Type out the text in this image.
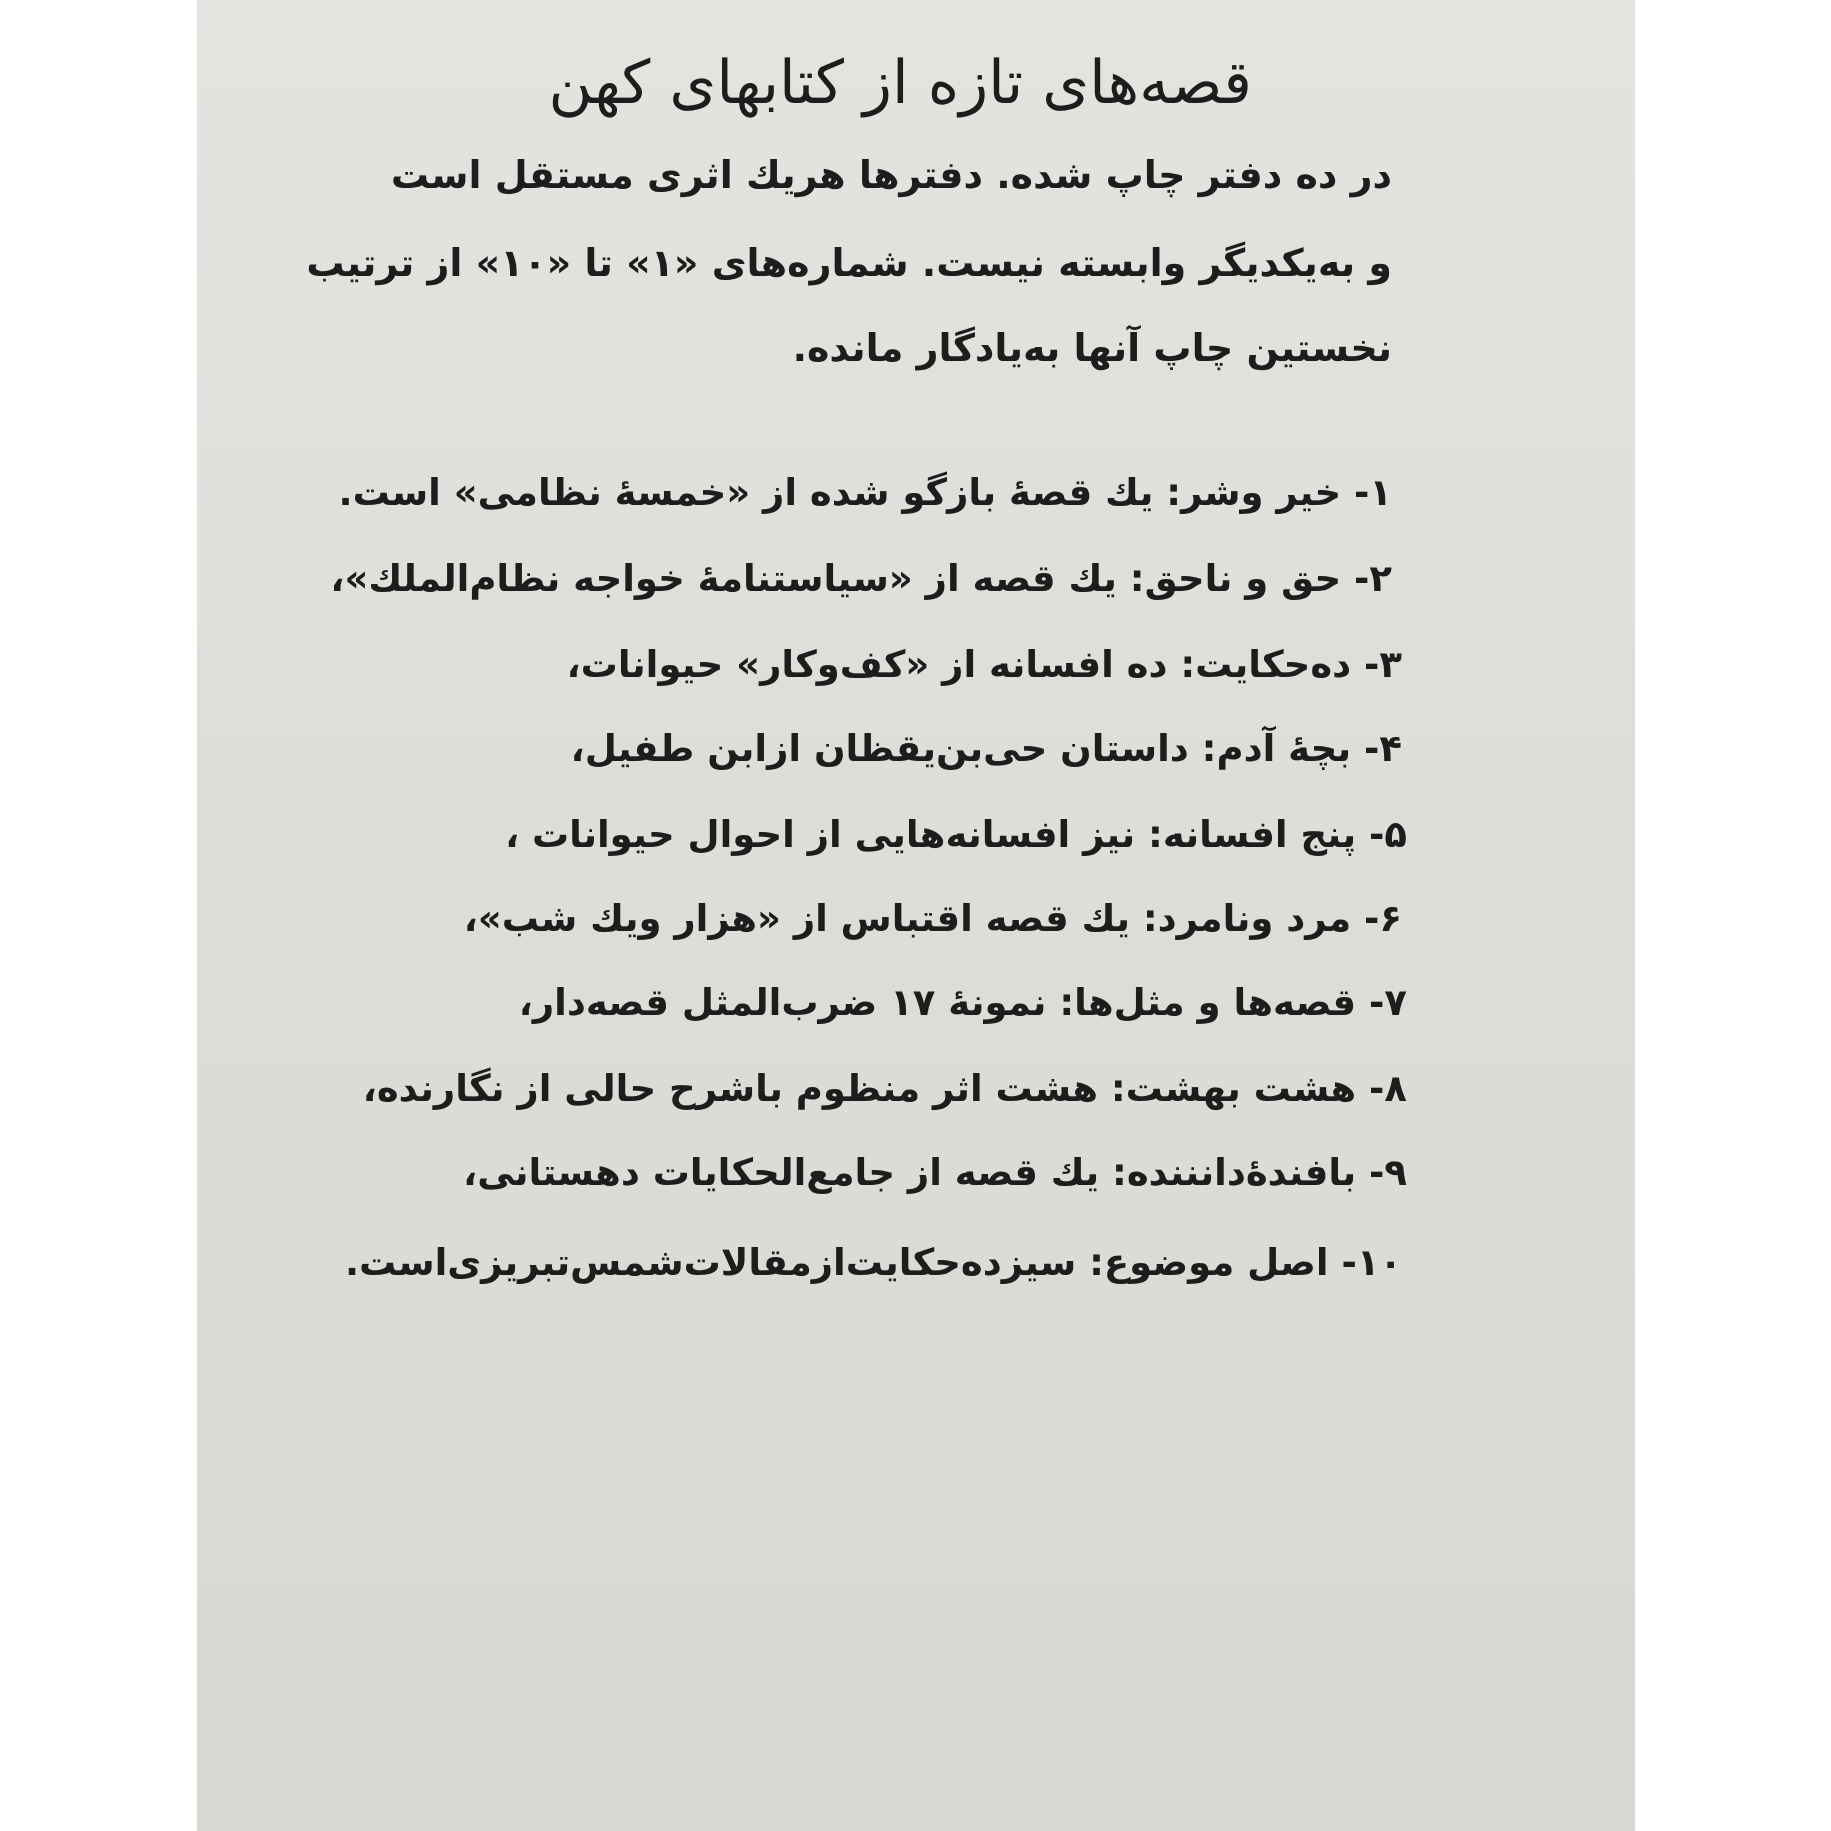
قصه‌های تازه از کتابهای کهن
در ده دفتر چاپ شده. دفترها هریك اثری مستقل است
و به‌یکدیگر وابسته نیست. شماره‌های «۱» تا «۱۰» از ترتیب
نخستین چاپ آنها به‌یادگار مانده.
۱- خیر وشر: يك قصهٔ بازگو شده از «خمسهٔ نظامی» است.
۲- حق و ناحق: يك قصه از «سیاستنامهٔ خواجه نظام‌الملك»،
۳- ده‌حکایت: ده افسانه از «کف‌وکار» حیوانات،
۴- بچهٔ آدم: داستان حی‌بن‌یقظان ازابن طفیل،
۵- پنج افسانه: نیز افسانه‌هایی از احوال حیوانات ،
۶- مرد ونامرد: يك قصه اقتباس از «هزار ويك شب»،
۷- قصه‌ها و مثل‌ها: نمونهٔ ۱۷ ضرب‌المثل قصه‌دار،
۸- هشت بهشت: هشت اثر منظوم باشرح حالی از نگارنده،
۹- بافندهٔ‌دانننده: يك قصه از جامع‌الحکایات دهستانی،
۱۰- اصل موضوع: سیزده‌حکایت‌ازمقالات‌شمس‌تبریزی‌است.
